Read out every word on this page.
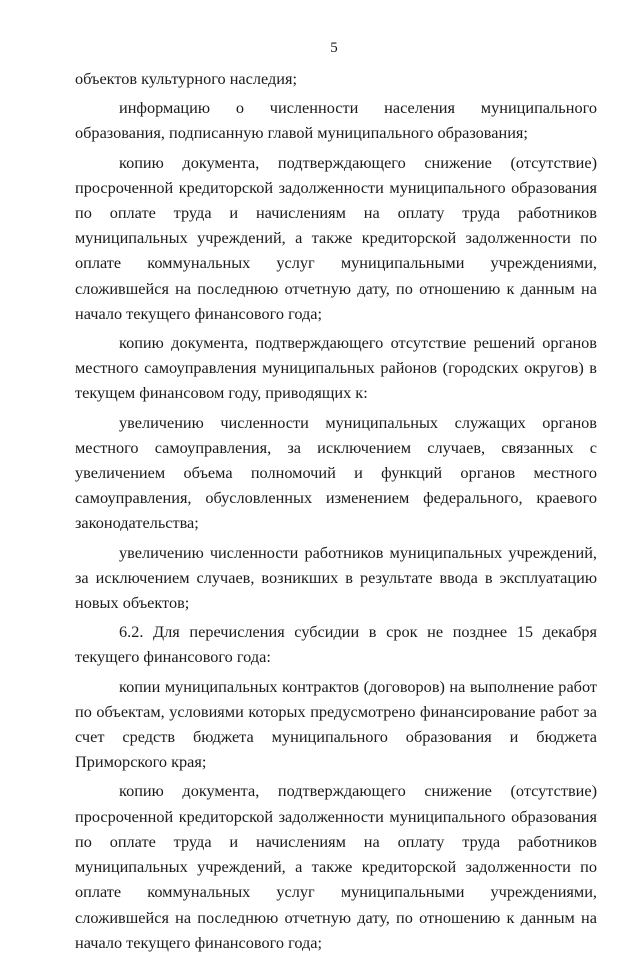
5

объектов культурного наследия;

информацию о численности населения муниципального образования, подписанную главой муниципального образования;

копию документа, подтверждающего снижение (отсутствие) просроченной кредиторской задолженности муниципального образования по оплате труда и начислениям на оплату труда работников муниципальных учреждений, а также кредиторской задолженности по оплате коммунальных услуг муниципальными учреждениями, сложившейся на последнюю отчетную дату, по отношению к данным на начало текущего финансового года;

копию документа, подтверждающего отсутствие решений органов местного самоуправления муниципальных районов (городских округов) в текущем финансовом году, приводящих к:

увеличению численности муниципальных служащих органов местного самоуправления, за исключением случаев, связанных с увеличением объема полномочий и функций органов местного самоуправления, обусловленных изменением федерального, краевого законодательства;

увеличению численности работников муниципальных учреждений, за исключением случаев, возникших в результате ввода в эксплуатацию новых объектов;

6.2. Для перечисления субсидии в срок не позднее 15 декабря текущего финансового года:

копии муниципальных контрактов (договоров) на выполнение работ по объектам, условиями которых предусмотрено финансирование работ за счет средств бюджета муниципального образования и бюджета Приморского края;

копию документа, подтверждающего снижение (отсутствие) просроченной кредиторской задолженности муниципального образования по оплате труда и начислениям на оплату труда работников муниципальных учреждений, а также кредиторской задолженности по оплате коммунальных услуг муниципальными учреждениями, сложившейся на последнюю отчетную дату, по отношению к данным на начало текущего финансового года;
